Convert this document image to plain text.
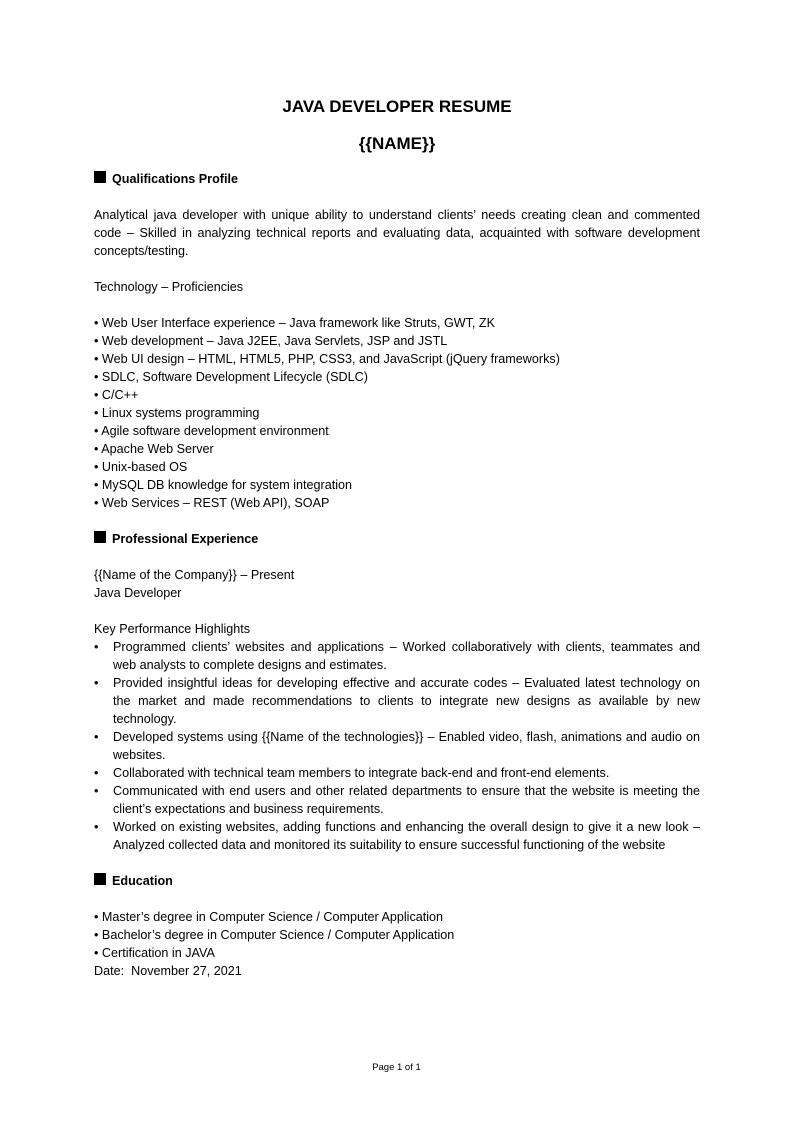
JAVA DEVELOPER RESUME
{{NAME}}
Qualifications Profile
Analytical java developer with unique ability to understand clients’ needs creating clean and commented code – Skilled in analyzing technical reports and evaluating data, acquainted with software development concepts/testing.
Technology – Proficiencies
• Web User Interface experience – Java framework like Struts, GWT, ZK
• Web development – Java J2EE, Java Servlets, JSP and JSTL
• Web UI design – HTML, HTML5, PHP, CSS3, and JavaScript (jQuery frameworks)
• SDLC, Software Development Lifecycle (SDLC)
• C/C++
• Linux systems programming
• Agile software development environment
• Apache Web Server
• Unix-based OS
• MySQL DB knowledge for system integration
• Web Services – REST (Web API), SOAP
Professional Experience
{{Name of the Company}} – Present
Java Developer
Key Performance Highlights
•	Programmed clients’ websites and applications – Worked collaboratively with clients, teammates and web analysts to complete designs and estimates.
•	Provided insightful ideas for developing effective and accurate codes – Evaluated latest technology on the market and made recommendations to clients to integrate new designs as available by new technology.
•	Developed systems using {{Name of the technologies}} – Enabled video, flash, animations and audio on websites.
•	Collaborated with technical team members to integrate back-end and front-end elements.
•	Communicated with end users and other related departments to ensure that the website is meeting the client’s expectations and business requirements.
•	Worked on existing websites, adding functions and enhancing the overall design to give it a new look – Analyzed collected data and monitored its suitability to ensure successful functioning of the website
Education
• Master’s degree in Computer Science / Computer Application
• Bachelor’s degree in Computer Science / Computer Application
• Certification in JAVA
Date: November 27, 2021
Page 1 of 1
